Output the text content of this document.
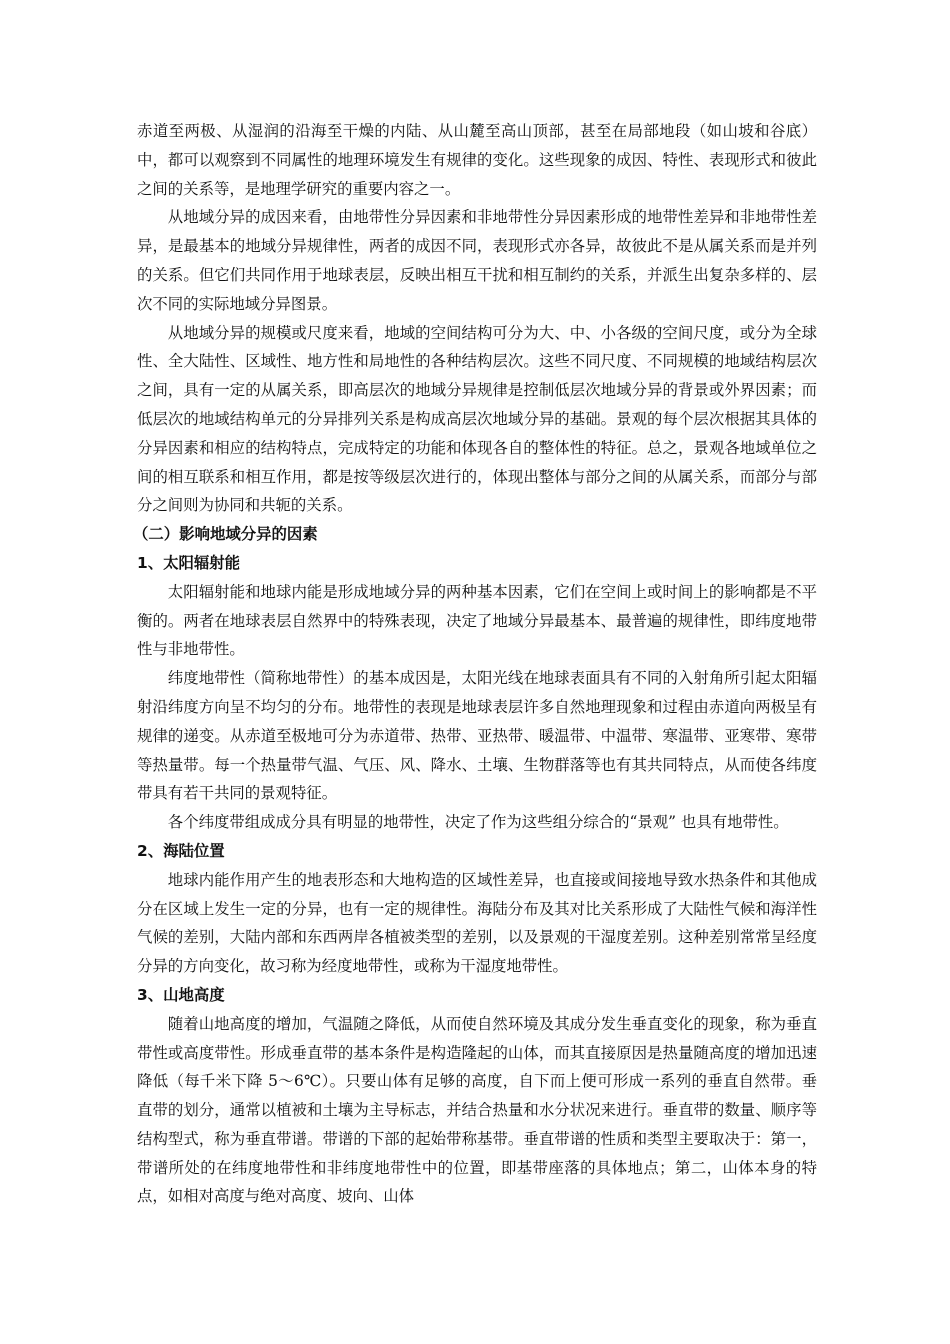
赤道至两极、从湿润的沿海至干燥的内陆、从山麓至高山顶部，甚至在局部地段（如山坡和谷底）中，都可以观察到不同属性的地理环境发生有规律的变化。这些现象的成因、特性、表现形式和彼此之间的关系等，是地理学研究的重要内容之一。

从地域分异的成因来看，由地带性分异因素和非地带性分异因素形成的地带性差异和非地带性差异，是最基本的地域分异规律性，两者的成因不同，表现形式亦各异，故彼此不是从属关系而是并列的关系。但它们共同作用于地球表层，反映出相互干扰和相互制约的关系，并派生出复杂多样的、层次不同的实际地域分异图景。

从地域分异的规模或尺度来看，地域的空间结构可分为大、中、小各级的空间尺度，或分为全球性、全大陆性、区域性、地方性和局地性的各种结构层次。这些不同尺度、不同规模的地域结构层次之间，具有一定的从属关系，即高层次的地域分异规律是控制低层次地域分异的背景或外界因素；而低层次的地域结构单元的分异排列关系是构成高层次地域分异的基础。景观的每个层次根据其具体的分异因素和相应的结构特点，完成特定的功能和体现各自的整体性的特征。总之，景观各地域单位之间的相互联系和相互作用，都是按等级层次进行的，体现出整体与部分之间的从属关系，而部分与部分之间则为协同和共轭的关系。

（二）影响地域分异的因素
1、太阳辐射能

太阳辐射能和地球内能是形成地域分异的两种基本因素，它们在空间上或时间上的影响都是不平衡的。两者在地球表层自然界中的特殊表现，决定了地域分异最基本、最普遍的规律性，即纬度地带性与非地带性。

纬度地带性（简称地带性）的基本成因是，太阳光线在地球表面具有不同的入射角所引起太阳辐射沿纬度方向呈不均匀的分布。地带性的表现是地球表层许多自然地理现象和过程由赤道向两极呈有规律的递变。从赤道至极地可分为赤道带、热带、亚热带、暖温带、中温带、寒温带、亚寒带、寒带等热量带。每一个热量带气温、气压、风、降水、土壤、生物群落等也有其共同特点，从而使各纬度带具有若干共同的景观特征。

各个纬度带组成成分具有明显的地带性，决定了作为这些组分综合的“景观” 也具有地带性。

2、海陆位置

地球内能作用产生的地表形态和大地构造的区域性差异，也直接或间接地导致水热条件和其他成分在区域上发生一定的分异，也有一定的规律性。海陆分布及其对比关系形成了大陆性气候和海洋性气候的差别，大陆内部和东西两岸各植被类型的差别，以及景观的干湿度差别。这种差别常常呈经度分异的方向变化，故习称为经度地带性，或称为干湿度地带性。

3、山地高度

随着山地高度的增加，气温随之降低，从而使自然环境及其成分发生垂直变化的现象，称为垂直带性或高度带性。形成垂直带的基本条件是构造隆起的山体，而其直接原因是热量随高度的增加迅速降低（每千米下降 5～6℃）。只要山体有足够的高度，自下而上便可形成一系列的垂直自然带。垂直带的划分，通常以植被和土壤为主导标志，并结合热量和水分状况来进行。垂直带的数量、顺序等结构型式，称为垂直带谱。带谱的下部的起始带称基带。垂直带谱的性质和类型主要取决于：第一，带谱所处的在纬度地带性和非纬度地带性中的位置，即基带座落的具体地点；第二，山体本身的特点，如相对高度与绝对高度、坡向、山体
